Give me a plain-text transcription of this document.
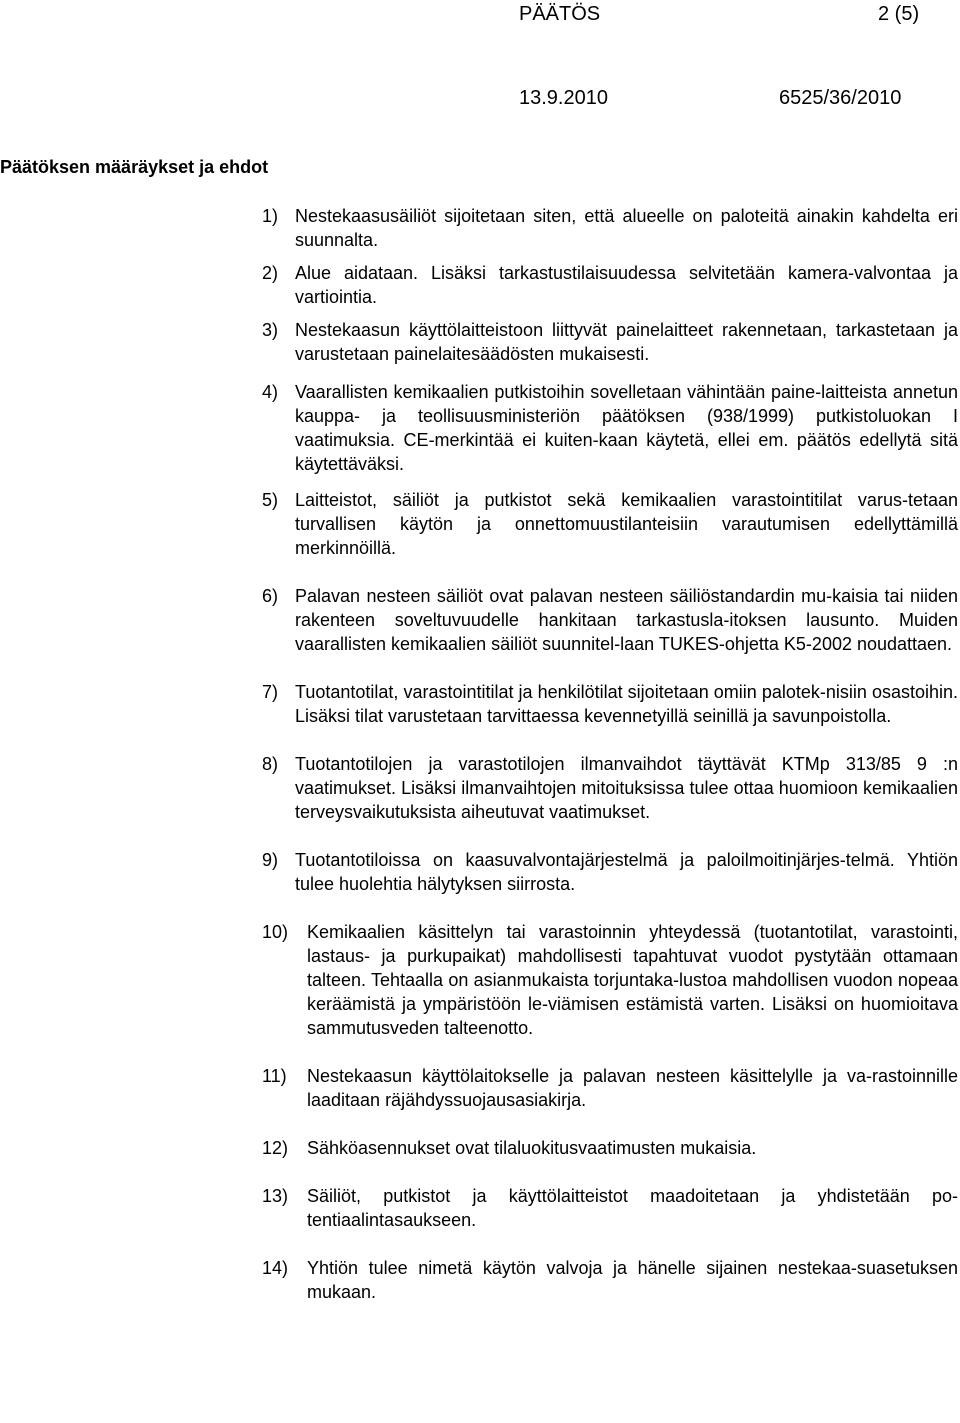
PÄÄTÖS	2 (5)
13.9.2010	6525/36/2010
Päätöksen määräykset ja ehdot
1) Nestekaasusäiliöt sijoitetaan siten, että alueelle on paloteitä ainakin kahdelta eri suunnalta.
2) Alue aidataan. Lisäksi tarkastustilaisuudessa selvitetään kamera-valvontaa ja vartiointia.
3) Nestekaasun käyttölaitteistoon liittyvät painelaitteet rakennetaan, tarkastetaan ja varustetaan painelaitesäädösten mukaisesti.
4) Vaarallisten kemikaalien putkistoihin sovelletaan vähintään paine-laitteista annetun kauppa- ja teollisuusministeriön päätöksen (938/1999) putkistoluokan I vaatimuksia. CE-merkintää ei kuiten-kaan käytetä, ellei em. päätös edellytä sitä käytettäväksi.
5) Laitteistot, säiliöt ja putkistot sekä kemikaalien varastointitilat varus-tetaan turvallisen käytön ja onnettomuustilanteisiin varautumisen edellyttämillä merkinnöillä.
6) Palavan nesteen säiliöt ovat palavan nesteen säiliöstandardin mu-kaisia tai niiden rakenteen soveltuvuudelle hankitaan tarkastusla-itoksen lausunto. Muiden vaarallisten kemikaalien säiliöt suunnitel-laan TUKES-ohjetta K5-2002 noudattaen.
7) Tuotantotilat, varastointitilat ja henkilötilat sijoitetaan omiin palotek-nisiin osastoihin. Lisäksi tilat varustetaan tarvittaessa kevennetyillä seinillä ja savunpoistolla.
8) Tuotantotilojen ja varastotilojen ilmanvaihdot täyttävät KTMp 313/85 9 :n vaatimukset. Lisäksi ilmanvaihtojen mitoituksissa tulee ottaa huomioon kemikaalien terveysvaikutuksista aiheutuvat vaatimukset.
9) Tuotantotiloissa on kaasuvalvontajärjestelmä ja paloilmoitinjärjes-telmä. Yhtiön tulee huolehtia hälytyksen siirrosta.
10) Kemikaalien käsittelyn tai varastoinnin yhteydessä (tuotantotilat, varastointi, lastaus- ja purkupaikat) mahdollisesti tapahtuvat vuodot pystytään ottamaan talteen. Tehtaalla on asianmukaista torjuntaka-lustoa mahdollisen vuodon nopeaa keräämistä ja ympäristöön le-viämisen estämistä varten. Lisäksi on huomioitava sammutusveden talteenotto.
11) Nestekaasun käyttölaitokselle ja palavan nesteen käsittelylle ja va-rastoinnille laaditaan räjähdyssuojausasiakirja.
12) Sähköasennukset ovat tilaluokitusvaatimusten mukaisia.
13) Säiliöt, putkistot ja käyttölaitteistot maadoitetaan ja yhdistetään po-tentiaalintasaukseen.
14) Yhtiön tulee nimetä käytön valvoja ja hänelle sijainen nestekaa-suasetuksen mukaan.
